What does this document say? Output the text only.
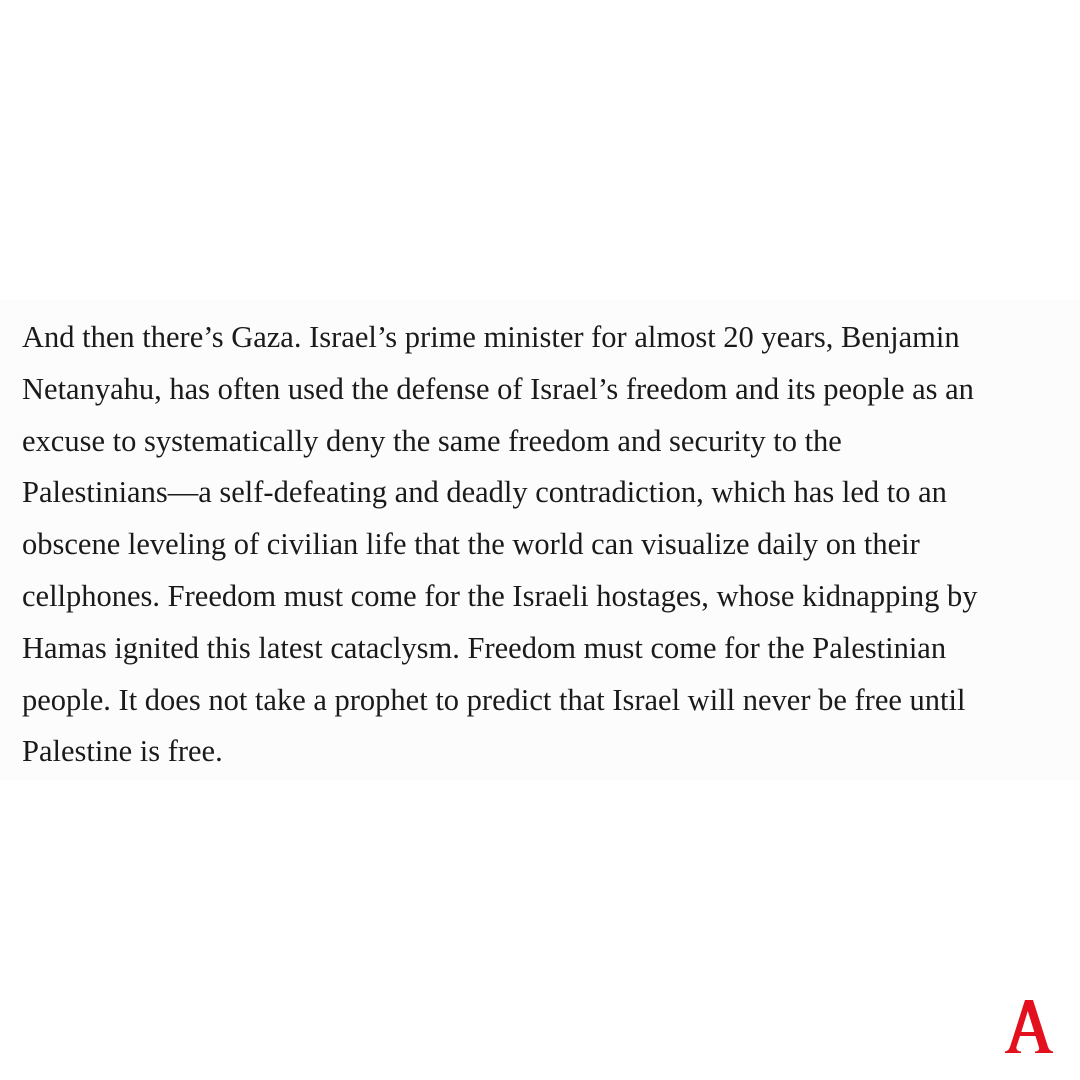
And then there’s Gaza. Israel’s prime minister for almost 20 years, Benjamin
Netanyahu, has often used the defense of Israel’s freedom and its people as an
excuse to systematically deny the same freedom and security to the
Palestinians—a self-defeating and deadly contradiction, which has led to an
obscene leveling of civilian life that the world can visualize daily on their
cellphones. Freedom must come for the Israeli hostages, whose kidnapping by
Hamas ignited this latest cataclysm. Freedom must come for the Palestinian
people. It does not take a prophet to predict that Israel will never be free until
Palestine is free.
